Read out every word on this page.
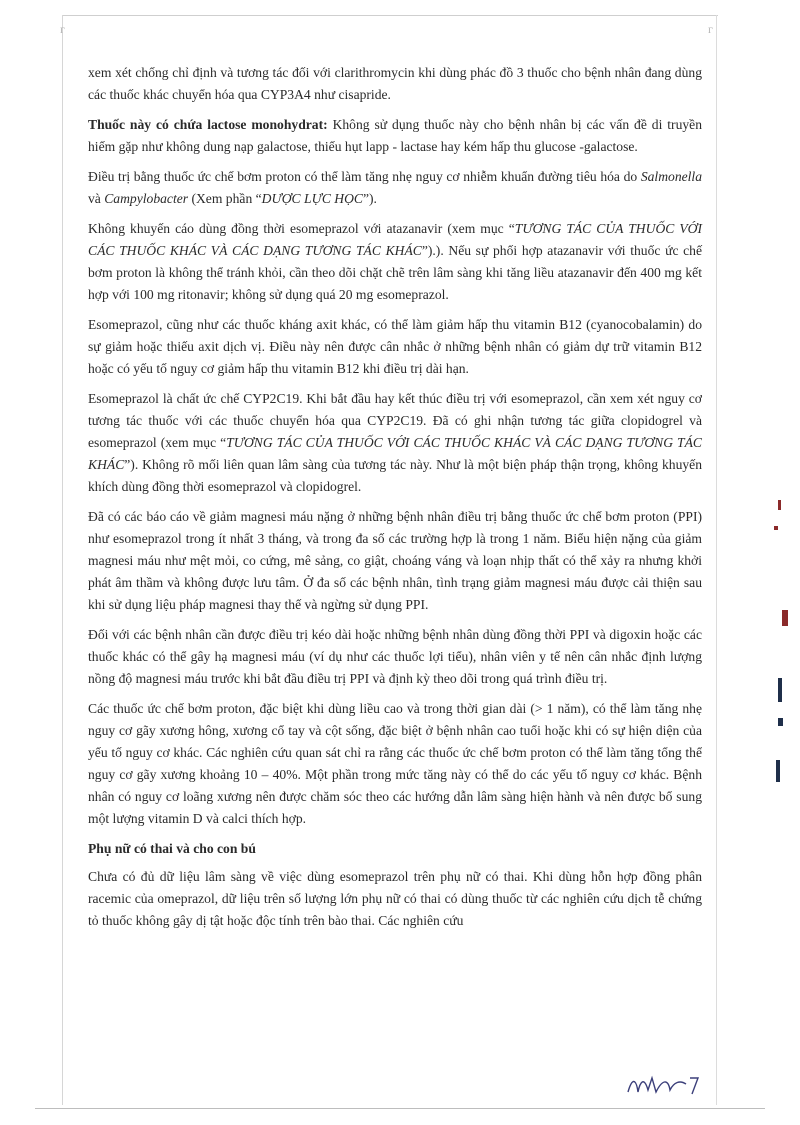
ᴦ	ᴦ

xem xét chống chỉ định và tương tác đối với clarithromycin khi dùng phác đồ 3 thuốc cho bệnh nhân đang dùng các thuốc khác chuyển hóa qua CYP3A4 như cisapride.

Thuốc này có chứa lactose monohydrat: Không sử dụng thuốc này cho bệnh nhân bị các vấn đề di truyền hiếm gặp như không dung nạp galactose, thiếu hụt lapp - lactase hay kém hấp thu glucose -galactose.

Điều trị bằng thuốc ức chế bơm proton có thể làm tăng nhẹ nguy cơ nhiễm khuẩn đường tiêu hóa do Salmonella và Campylobacter (Xem phần “DƯỢC LỰC HỌC”).

Không khuyến cáo dùng đồng thời esomeprazol với atazanavir (xem mục “TƯƠNG TÁC CỦA THUỐC VỚI CÁC THUỐC KHÁC VÀ CÁC DẠNG TƯƠNG TÁC KHÁC”).). Nếu sự phối hợp atazanavir với thuốc ức chế bơm proton là không thể tránh khỏi, cần theo dõi chặt chẽ trên lâm sàng khi tăng liều atazanavir đến 400 mg kết hợp với 100 mg ritonavir; không sử dụng quá 20 mg esomeprazol.

Esomeprazol, cũng như các thuốc kháng axit khác, có thể làm giảm hấp thu vitamin B12 (cyanocobalamin) do sự giảm hoặc thiếu axit dịch vị. Điều này nên được cân nhắc ở những bệnh nhân có giảm dự trữ vitamin B12 hoặc có yếu tố nguy cơ giảm hấp thu vitamin B12 khi điều trị dài hạn.

Esomeprazol là chất ức chế CYP2C19. Khi bắt đầu hay kết thúc điều trị với esomeprazol, cần xem xét nguy cơ tương tác thuốc với các thuốc chuyển hóa qua CYP2C19. Đã có ghi nhận tương tác giữa clopidogrel và esomeprazol (xem mục “TƯƠNG TÁC CỦA THUỐC VỚI CÁC THUỐC KHÁC VÀ CÁC DẠNG TƯƠNG TÁC KHÁC”). Không rõ mối liên quan lâm sàng của tương tác này. Như là một biện pháp thận trọng, không khuyến khích dùng đồng thời esomeprazol và clopidogrel.

Đã có các báo cáo về giảm magnesi máu nặng ở những bệnh nhân điều trị bằng thuốc ức chế bơm proton (PPI) như esomeprazol trong ít nhất 3 tháng, và trong đa số các trường hợp là trong 1 năm. Biểu hiện nặng của giảm magnesi máu như mệt mỏi, co cứng, mê sảng, co giật, choáng váng và loạn nhịp thất có thể xảy ra nhưng khởi phát âm thầm và không được lưu tâm. Ở đa số các bệnh nhân, tình trạng giảm magnesi máu được cải thiện sau khi sử dụng liệu pháp magnesi thay thế và ngừng sử dụng PPI.

Đối với các bệnh nhân cần được điều trị kéo dài hoặc những bệnh nhân dùng đồng thời PPI và digoxin hoặc các thuốc khác có thể gây hạ magnesi máu (ví dụ như các thuốc lợi tiểu), nhân viên y tế nên cân nhắc định lượng nồng độ magnesi máu trước khi bắt đầu điều trị PPI và định kỳ theo dõi trong quá trình điều trị.

Các thuốc ức chế bơm proton, đặc biệt khi dùng liều cao và trong thời gian dài (> 1 năm), có thể làm tăng nhẹ nguy cơ gãy xương hông, xương cổ tay và cột sống, đặc biệt ở bệnh nhân cao tuổi hoặc khi có sự hiện diện của yếu tố nguy cơ khác. Các nghiên cứu quan sát chỉ ra rằng các thuốc ức chế bơm proton có thể làm tăng tổng thể nguy cơ gãy xương khoảng 10 – 40%. Một phần trong mức tăng này có thể do các yếu tố nguy cơ khác. Bệnh nhân có nguy cơ loãng xương nên được chăm sóc theo các hướng dẫn lâm sàng hiện hành và nên được bổ sung một lượng vitamin D và calci thích hợp.

Phụ nữ có thai và cho con bú

Chưa có đủ dữ liệu lâm sàng về việc dùng esomeprazol trên phụ nữ có thai. Khi dùng hỗn hợp đồng phân racemic của omeprazol, dữ liệu trên số lượng lớn phụ nữ có thai có dùng thuốc từ các nghiên cứu dịch tễ chứng tỏ thuốc không gây dị tật hoặc độc tính trên bào thai. Các nghiên cứu
